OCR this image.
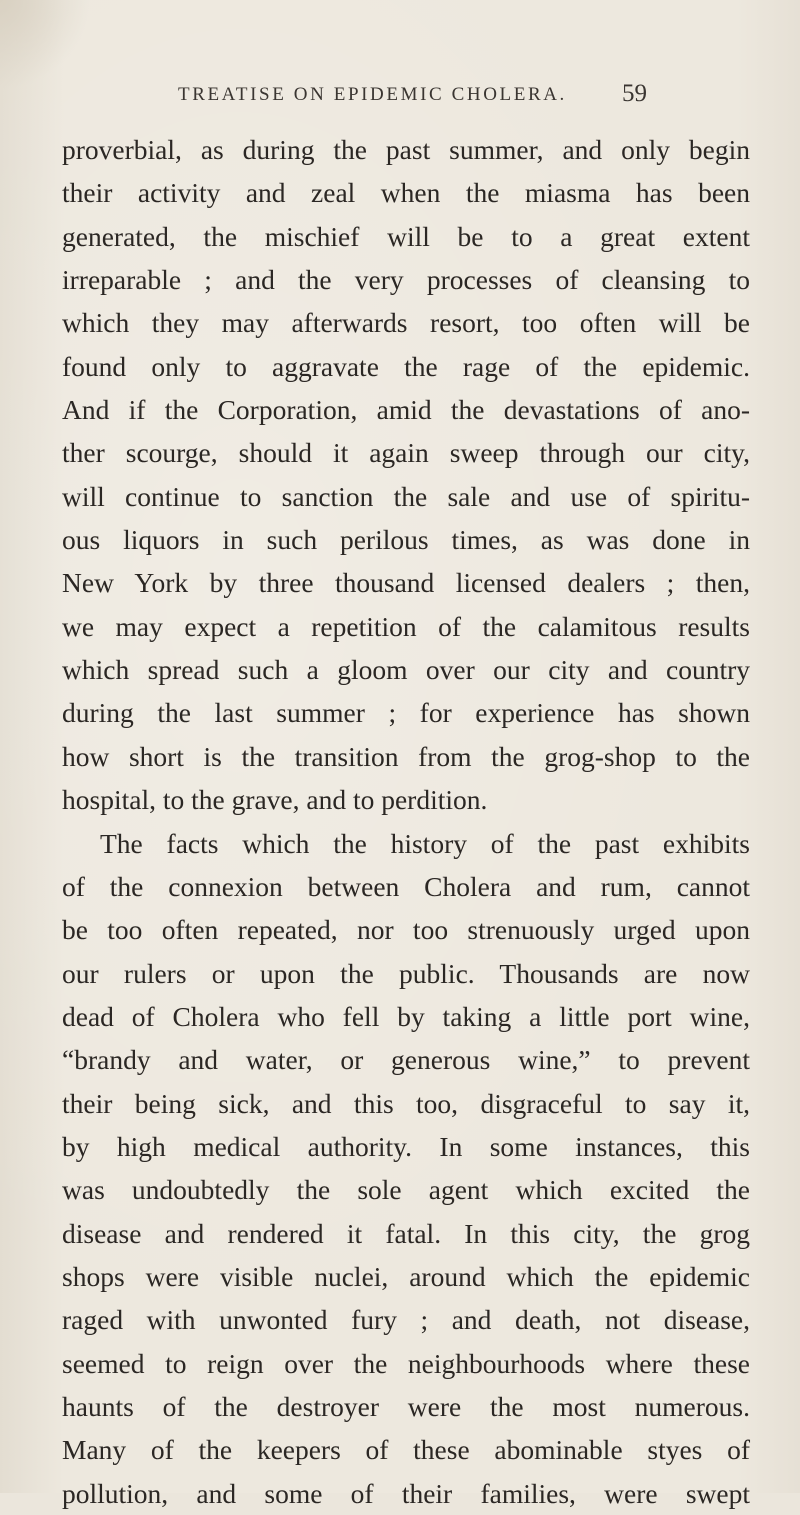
TREATISE ON EPIDEMIC CHOLERA.	59
proverbial, as during the past summer, and only begin
their activity and zeal when the miasma has been
generated, the mischief will be to a great extent
irreparable ; and the very processes of cleansing to
which they may afterwards resort, too often will be
found only to aggravate the rage of the epidemic.
And if the Corporation, amid the devastations of ano-
ther scourge, should it again sweep through our city,
will continue to sanction the sale and use of spiritu-
ous liquors in such perilous times, as was done in
New York by three thousand licensed dealers ; then,
we may expect a repetition of the calamitous results
which spread such a gloom over our city and country
during the last summer ; for experience has shown
how short is the transition from the grog-shop to the
hospital, to the grave, and to perdition.
The facts which the history of the past exhibits
of the connexion between Cholera and rum, cannot
be too often repeated, nor too strenuously urged upon
our rulers or upon the public. Thousands are now
dead of Cholera who fell by taking a little port wine,
“brandy and water, or generous wine,” to prevent
their being sick, and this too, disgraceful to say it,
by high medical authority. In some instances, this
was undoubtedly the sole agent which excited the
disease and rendered it fatal. In this city, the grog
shops were visible nuclei, around which the epidemic
raged with unwonted fury ; and death, not disease,
seemed to reign over the neighbourhoods where these
haunts of the destroyer were the most numerous.
Many of the keepers of these abominable styes of
pollution, and some of their families, were swept
